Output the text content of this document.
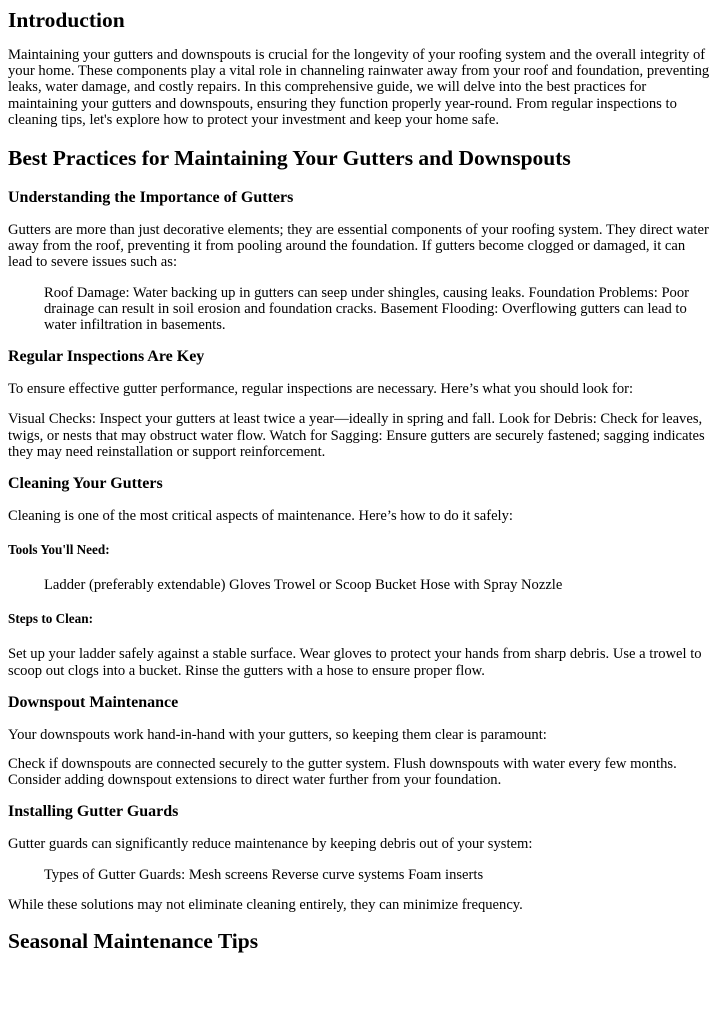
Introduction

Maintaining your gutters and downspouts is crucial for the longevity of your roofing system and the overall integrity of your home. These components play a vital role in channeling rainwater away from your roof and foundation, preventing leaks, water damage, and costly repairs. In this comprehensive guide, we will delve into the best practices for maintaining your gutters and downspouts, ensuring they function properly year-round. From regular inspections to cleaning tips, let's explore how to protect your investment and keep your home safe.

Best Practices for Maintaining Your Gutters and Downspouts
Understanding the Importance of Gutters

Gutters are more than just decorative elements; they are essential components of your roofing system. They direct water away from the roof, preventing it from pooling around the foundation. If gutters become clogged or damaged, it can lead to severe issues such as:

Roof Damage: Water backing up in gutters can seep under shingles, causing leaks. Foundation Problems: Poor drainage can result in soil erosion and foundation cracks. Basement Flooding: Overflowing gutters can lead to water infiltration in basements.
Regular Inspections Are Key

To ensure effective gutter performance, regular inspections are necessary. Here’s what you should look for:

Visual Checks: Inspect your gutters at least twice a year—ideally in spring and fall. Look for Debris: Check for leaves, twigs, or nests that may obstruct water flow. Watch for Sagging: Ensure gutters are securely fastened; sagging indicates they may need reinstallation or support reinforcement.

Cleaning Your Gutters

Cleaning is one of the most critical aspects of maintenance. Here’s how to do it safely:

Tools You'll Need:
Ladder (preferably extendable) Gloves Trowel or Scoop Bucket Hose with Spray Nozzle
Steps to Clean:

Set up your ladder safely against a stable surface. Wear gloves to protect your hands from sharp debris. Use a trowel to scoop out clogs into a bucket. Rinse the gutters with a hose to ensure proper flow.

Downspout Maintenance

Your downspouts work hand-in-hand with your gutters, so keeping them clear is paramount:

Check if downspouts are connected securely to the gutter system. Flush downspouts with water every few months. Consider adding downspout extensions to direct water further from your foundation.

Installing Gutter Guards

Gutter guards can significantly reduce maintenance by keeping debris out of your system:

Types of Gutter Guards: Mesh screens Reverse curve systems Foam inserts

While these solutions may not eliminate cleaning entirely, they can minimize frequency.

Seasonal Maintenance Tips
